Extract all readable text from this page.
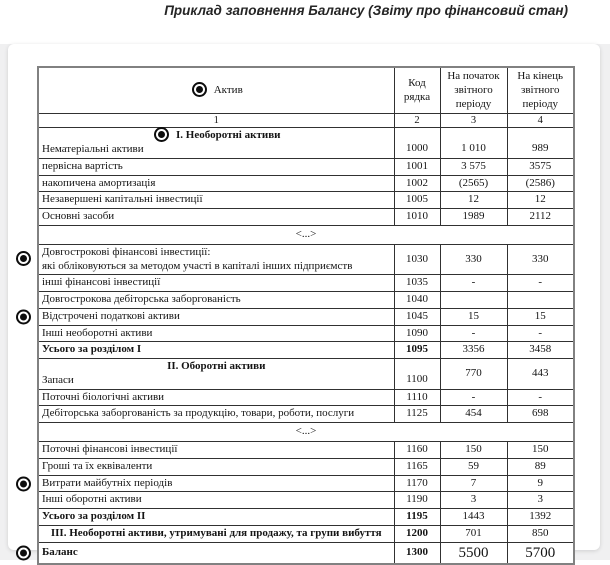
Приклад заповнення Балансу (Звіту про фінансовий стан)
Актив	Код рядка	На початок звітного періоду	На кінець звітного періоду
1	2	3	4

I. Необоротні активи
Нематеріальні активи	1000	1 010	989

первісна вартість	1001	3 575	3575

накопичена амортизація	1002	(2565)	(2586)

Незавершені капітальні інвестиції	1005	12	12

Основні засоби	1010	1989	2112
<...>			

Довгострокові фінансові інвестиції:
які обліковуються за методом участі в капіталі інших підприємств	1030	330	330

інші фінансові інвестиції	1035	-	-

Довгострокова дебіторська заборгованість	1040		

Відстрочені податкові активи	1045	15	15

Інші необоротні активи	1090	-	-

Усього за розділом I	1095	3356	3458

II. Оборотні активи
Запаси	1100	770	443

Поточні біологічні активи	1110	-	-

Дебіторська заборгованість за продукцію, товари, роботи, послуги	1125	454	698
<...>			

Поточні фінансові інвестиції	1160	150	150

Гроші та їх еквіваленти	1165	59	89

Витрати майбутніх періодів	1170	7	9

Інші оборотні активи	1190	3	3

Усього за розділом II	1195	1443	1392

III. Необоротні активи, утримувані для продажу, та групи вибуття	1200	701	850

Баланс	1300	5500	5700
